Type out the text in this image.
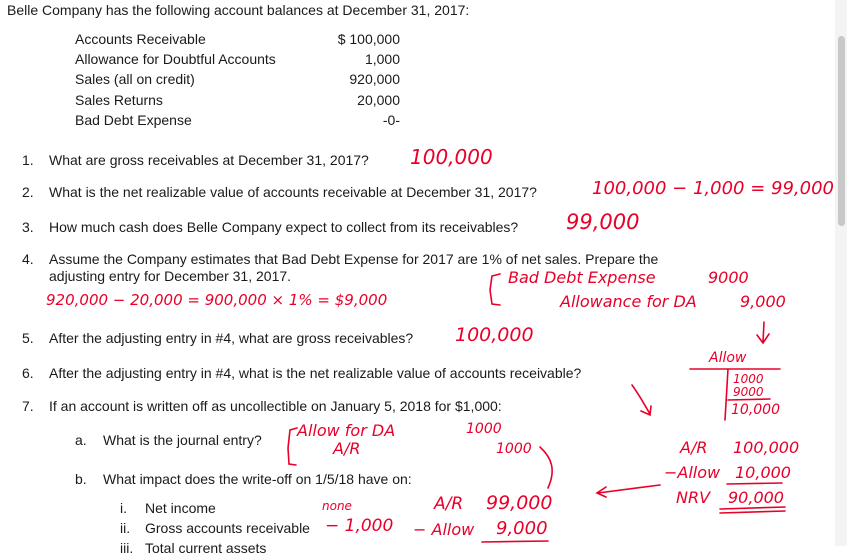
Belle Company has the following account balances at December 31, 2017:
Accounts Receivable	$ 100,000
Allowance for Doubtful Accounts	1,000
Sales (all on credit)	920,000
Sales Returns	20,000
Bad Debt Expense	-0-
1. What are gross receivables at December 31, 2017?
2. What is the net realizable value of accounts receivable at December 31, 2017?
3. How much cash does Belle Company expect to collect from its receivables?
4. Assume the Company estimates that Bad Debt Expense for 2017 are 1% of net sales. Prepare the
adjusting entry for December 31, 2017.
5. After the adjusting entry in #4, what are gross receivables?
6. After the adjusting entry in #4, what is the net realizable value of accounts receivable?
7. If an account is written off as uncollectible on January 5, 2018 for $1,000:
a. What is the journal entry?
b. What impact does the write-off on 1/5/18 have on:
i. Net income
ii. Gross accounts receivable
iii. Total current assets
100,000
100,000 − 1,000 = 99,000
99,000
920,000 − 20,000 = 900,000 × 1% = $9,000
Bad Debt Expense	9000
Allowance for DA	9,000
100,000
Allow
1000
9000
10,000
Allow for DA	1000
A/R	1000	A/R 100,000
−Allow 10,000
NRV 90,000
none
− 1,000
A/R 99,000
− Allow 9,000
